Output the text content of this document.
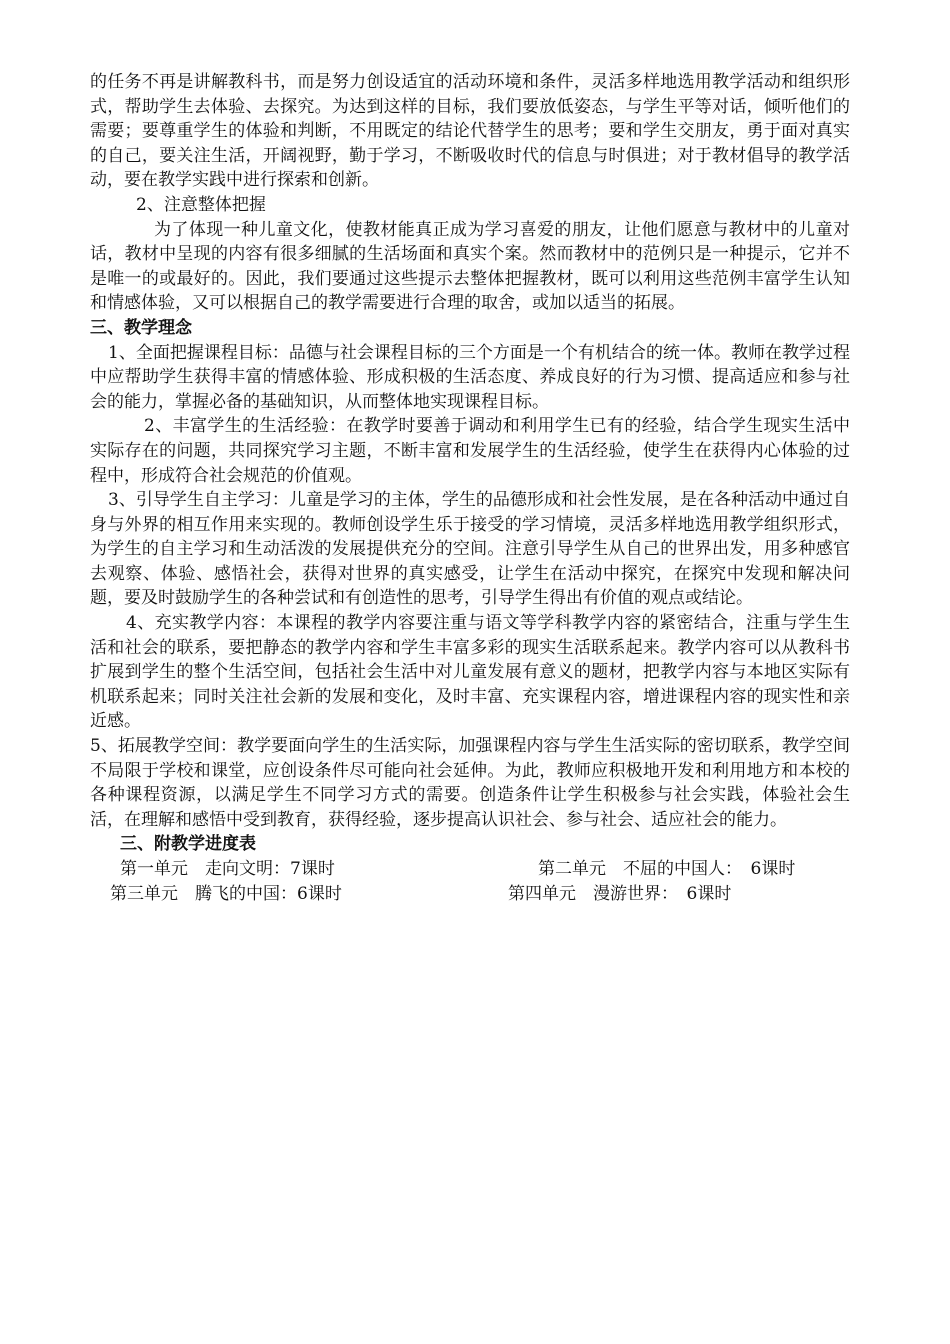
的任务不再是讲解教科书，而是努力创设适宜的活动环境和条件，灵活多样地选用教学活动和组织形式，帮助学生去体验、去探究。为达到这样的目标，我们要放低姿态，与学生平等对话，倾听他们的需要；要尊重学生的体验和判断，不用既定的结论代替学生的思考；要和学生交朋友，勇于面对真实的自己，要关注生活，开阔视野，勤于学习，不断吸收时代的信息与时俱进；对于教材倡导的教学活动，要在教学实践中进行探索和创新。

2、注意整体把握

为了体现一种儿童文化，使教材能真正成为学习喜爱的朋友，让他们愿意与教材中的儿童对话，教材中呈现的内容有很多细腻的生活场面和真实个案。然而教材中的范例只是一种提示，它并不是唯一的或最好的。因此，我们要通过这些提示去整体把握教材，既可以利用这些范例丰富学生认知和情感体验，又可以根据自己的教学需要进行合理的取舍，或加以适当的拓展。

三、教学理念

1、全面把握课程目标：品德与社会课程目标的三个方面是一个有机结合的统一体。教师在教学过程中应帮助学生获得丰富的情感体验、形成积极的生活态度、养成良好的行为习惯、提高适应和参与社会的能力，掌握必备的基础知识，从而整体地实现课程目标。

2、丰富学生的生活经验：在教学时要善于调动和利用学生已有的经验，结合学生现实生活中实际存在的问题，共同探究学习主题，不断丰富和发展学生的生活经验，使学生在获得内心体验的过程中，形成符合社会规范的价值观。

3、引导学生自主学习：儿童是学习的主体，学生的品德形成和社会性发展，是在各种活动中通过自身与外界的相互作用来实现的。教师创设学生乐于接受的学习情境，灵活多样地选用教学组织形式，为学生的自主学习和生动活泼的发展提供充分的空间。注意引导学生从自己的世界出发，用多种感官去观察、体验、感悟社会，获得对世界的真实感受，让学生在活动中探究，在探究中发现和解决问题，要及时鼓励学生的各种尝试和有创造性的思考，引导学生得出有价值的观点或结论。

4、充实教学内容：本课程的教学内容要注重与语文等学科教学内容的紧密结合，注重与学生生活和社会的联系，要把静态的教学内容和学生丰富多彩的现实生活联系起来。教学内容可以从教科书扩展到学生的整个生活空间，包括社会生活中对儿童发展有意义的题材，把教学内容与本地区实际有机联系起来；同时关注社会新的发展和变化，及时丰富、充实课程内容，增进课程内容的现实性和亲近感。

5、拓展教学空间：教学要面向学生的生活实际，加强课程内容与学生生活实际的密切联系，教学空间不局限于学校和课堂，应创设条件尽可能向社会延伸。为此，教师应积极地开发和利用地方和本校的各种课程资源，以满足学生不同学习方式的需要。创造条件让学生积极参与社会实践，体验社会生活，在理解和感悟中受到教育，获得经验，逐步提高认识社会、参与社会、适应社会的能力。

三、附教学进度表

第一单元　走向文明：7课时	第二单元　不屈的中国人：　6课时
第三单元　腾飞的中国：6课时	第四单元　漫游世界：　6课时
